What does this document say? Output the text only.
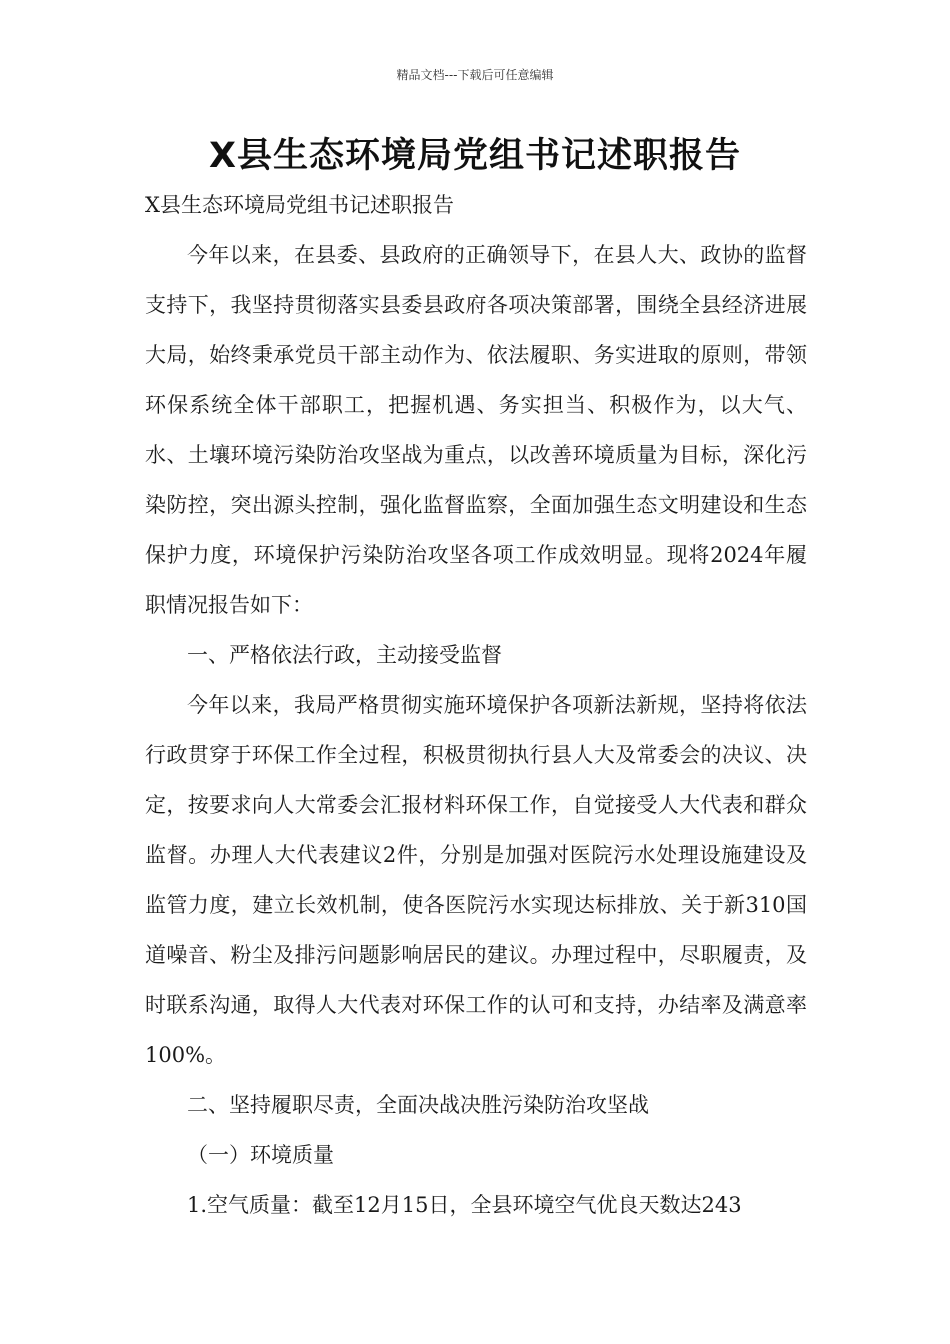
精品文档---下载后可任意编辑
X县生态环境局党组书记述职报告

X县生态环境局党组书记述职报告

今年以来，在县委、县政府的正确领导下，在县人大、政协的监督支持下，我坚持贯彻落实县委县政府各项决策部署，围绕全县经济进展大局，始终秉承党员干部主动作为、依法履职、务实进取的原则，带领环保系统全体干部职工，把握机遇、务实担当、积极作为，以大气、水、土壤环境污染防治攻坚战为重点，以改善环境质量为目标，深化污染防控，突出源头控制，强化监督监察，全面加强生态文明建设和生态保护力度，环境保护污染防治攻坚各项工作成效明显。现将2024年履职情况报告如下：

一、严格依法行政，主动接受监督

今年以来，我局严格贯彻实施环境保护各项新法新规，坚持将依法行政贯穿于环保工作全过程，积极贯彻执行县人大及常委会的决议、决定，按要求向人大常委会汇报材料环保工作，自觉接受人大代表和群众监督。办理人大代表建议2件，分别是加强对医院污水处理设施建设及监管力度，建立长效机制，使各医院污水实现达标排放、关于新310国道噪音、粉尘及排污问题影响居民的建议。办理过程中，尽职履责，及时联系沟通，取得人大代表对环保工作的认可和支持，办结率及满意率100%。

二、坚持履职尽责，全面决战决胜污染防治攻坚战

（一）环境质量

1.空气质量：截至12月15日，全县环境空气优良天数达243
